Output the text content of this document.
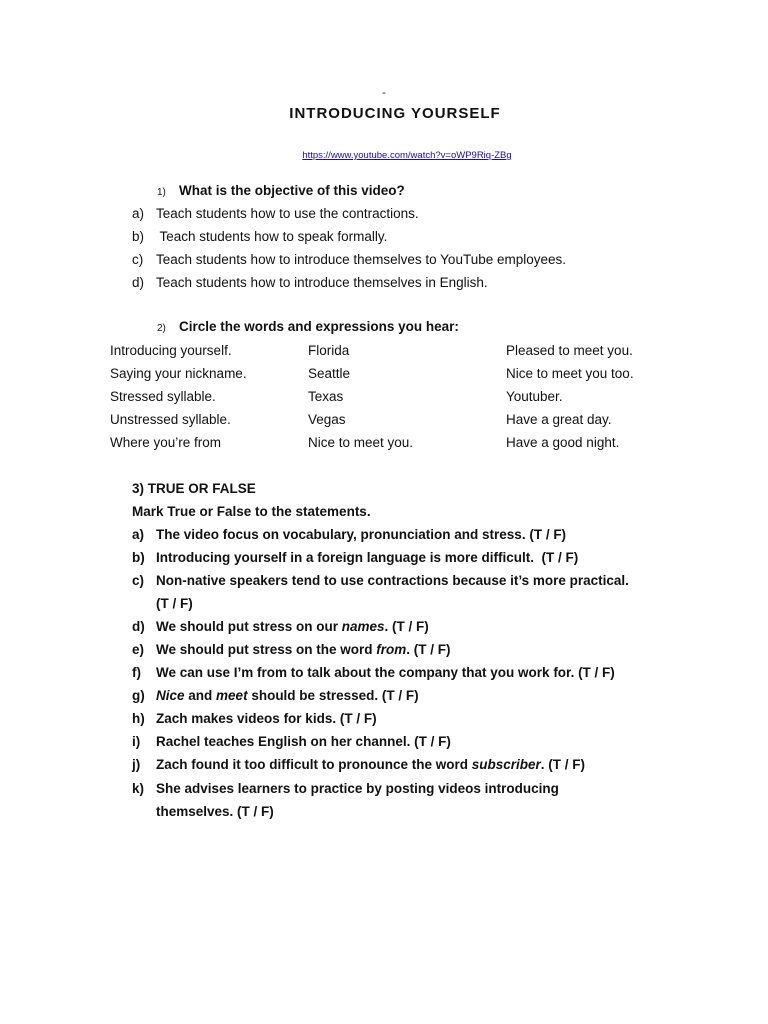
-
INTRODUCING YOURSELF
https://www.youtube.com/watch?v=oWP9Riq-ZBg
1) What is the objective of this video?
a) Teach students how to use the contractions.
b) Teach students how to speak formally.
c) Teach students how to introduce themselves to YouTube employees.
d) Teach students how to introduce themselves in English.
2) Circle the words and expressions you hear:
Introducing yourself.
Saying your nickname.
Stressed syllable.
Unstressed syllable.
Where you’re from
Florida
Seattle
Texas
Vegas
Nice to meet you.
Pleased to meet you.
Nice to meet you too.
Youtuber.
Have a great day.
Have a good night.
3) TRUE OR FALSE
Mark True or False to the statements.
a) The video focus on vocabulary, pronunciation and stress. (T / F)
b) Introducing yourself in a foreign language is more difficult.  (T / F)
c) Non-native speakers tend to use contractions because it’s more practical.
(T / F)
d) We should put stress on our names. (T / F)
e) We should put stress on the word from. (T / F)
f) We can use I’m from to talk about the company that you work for. (T / F)
g) Nice and meet should be stressed. (T / F)
h) Zach makes videos for kids. (T / F)
i) Rachel teaches English on her channel. (T / F)
j) Zach found it too difficult to pronounce the word subscriber. (T / F)
k) She advises learners to practice by posting videos introducing
themselves. (T / F)
